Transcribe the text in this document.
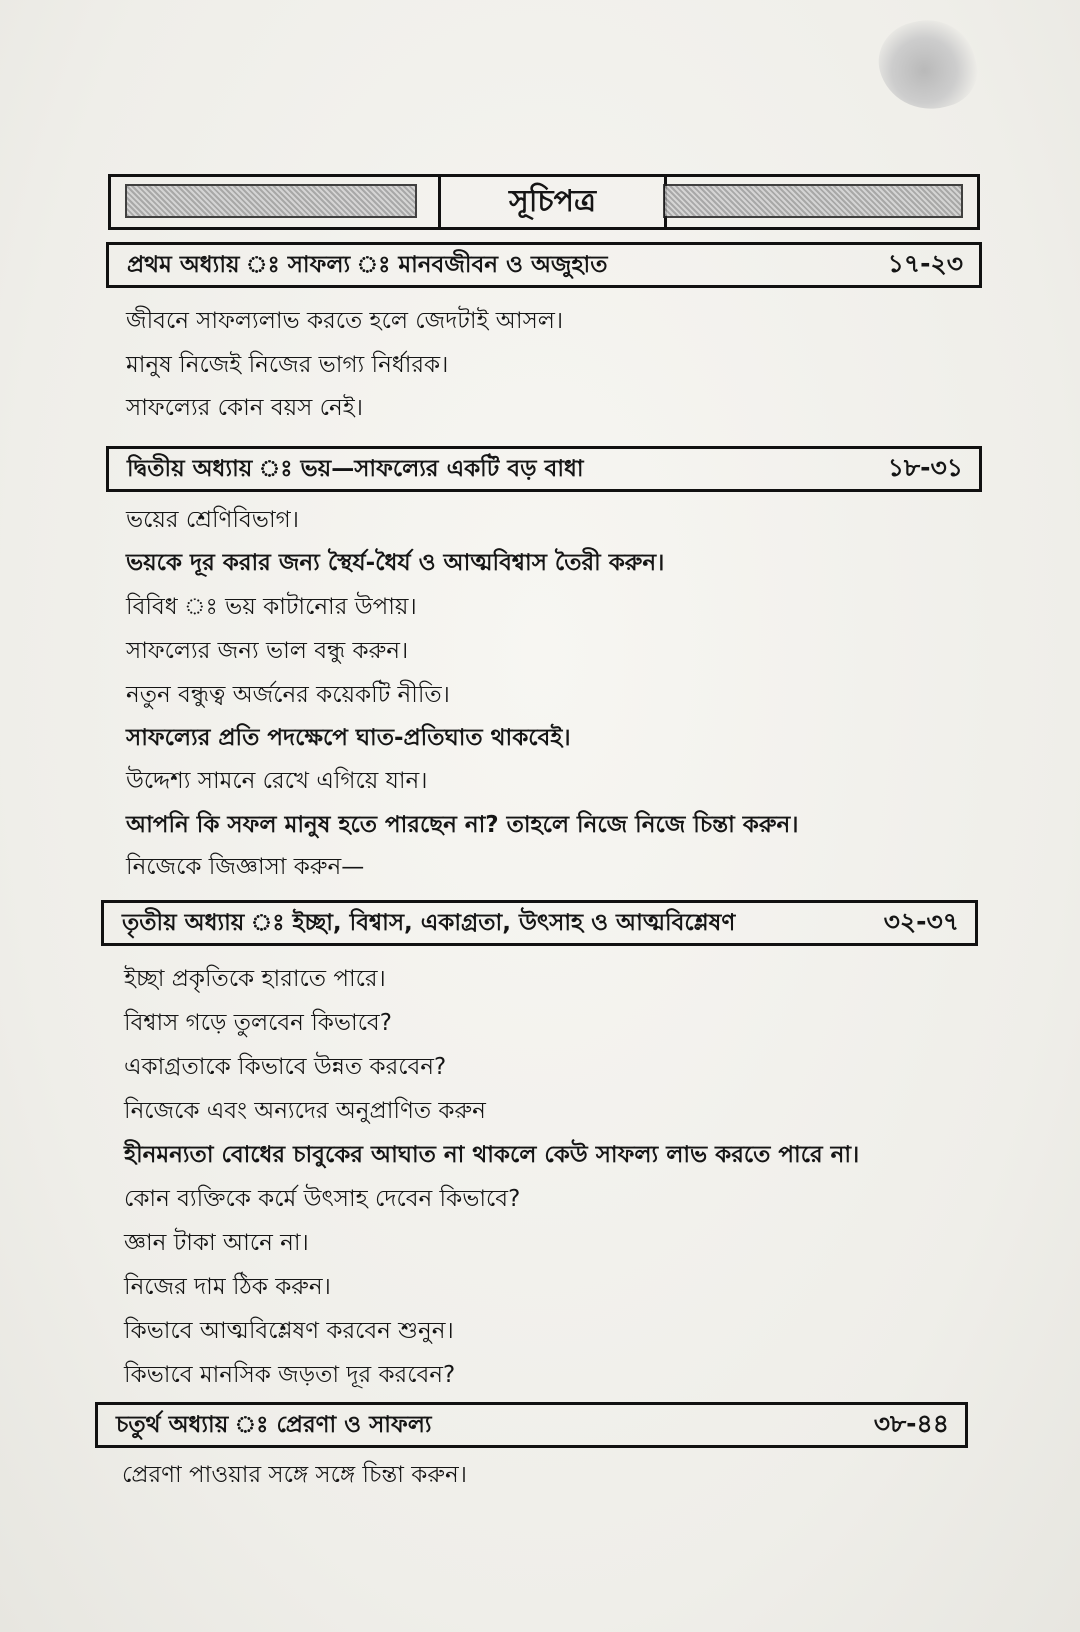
সূচিপত্র
প্রথম অধ্যায় ঃ সাফল্য ঃ মানবজীবন ও অজুহাত	১৭-২৩
জীবনে সাফল্যলাভ করতে হলে জেদটাই আসল।
মানুষ নিজেই নিজের ভাগ্য নির্ধারক।
সাফল্যের কোন বয়স নেই।
দ্বিতীয় অধ্যায় ঃ ভয়—সাফল্যের একটি বড় বাধা	১৮-৩১
ভয়ের শ্রেণিবিভাগ।
ভয়কে দূর করার জন্য স্থৈর্য-ধৈর্য ও আত্মবিশ্বাস তৈরী করুন।
বিবিধ ঃ ভয় কাটানোর উপায়।
সাফল্যের জন্য ভাল বন্ধু করুন।
নতুন বন্ধুত্ব অর্জনের কয়েকটি নীতি।
সাফল্যের প্রতি পদক্ষেপে ঘাত-প্রতিঘাত থাকবেই।
উদ্দেশ্য সামনে রেখে এগিয়ে যান।
আপনি কি সফল মানুষ হতে পারছেন না? তাহলে নিজে নিজে চিন্তা করুন।
নিজেকে জিজ্ঞাসা করুন—
তৃতীয় অধ্যায় ঃ ইচ্ছা, বিশ্বাস, একাগ্রতা, উৎসাহ ও আত্মবিশ্লেষণ	৩২-৩৭
ইচ্ছা প্রকৃতিকে হারাতে পারে।
বিশ্বাস গড়ে তুলবেন কিভাবে?
একাগ্রতাকে কিভাবে উন্নত করবেন?
নিজেকে এবং অন্যদের অনুপ্রাণিত করুন
হীনমন্যতা বোধের চাবুকের আঘাত না থাকলে কেউ সাফল্য লাভ করতে পারে না।
কোন ব্যক্তিকে কর্মে উৎসাহ দেবেন কিভাবে?
জ্ঞান টাকা আনে না।
নিজের দাম ঠিক করুন।
কিভাবে আত্মবিশ্লেষণ করবেন শুনুন।
কিভাবে মানসিক জড়তা দূর করবেন?
চতুর্থ অধ্যায় ঃ প্রেরণা ও সাফল্য	৩৮-৪৪
প্রেরণা পাওয়ার সঙ্গে সঙ্গে চিন্তা করুন।
